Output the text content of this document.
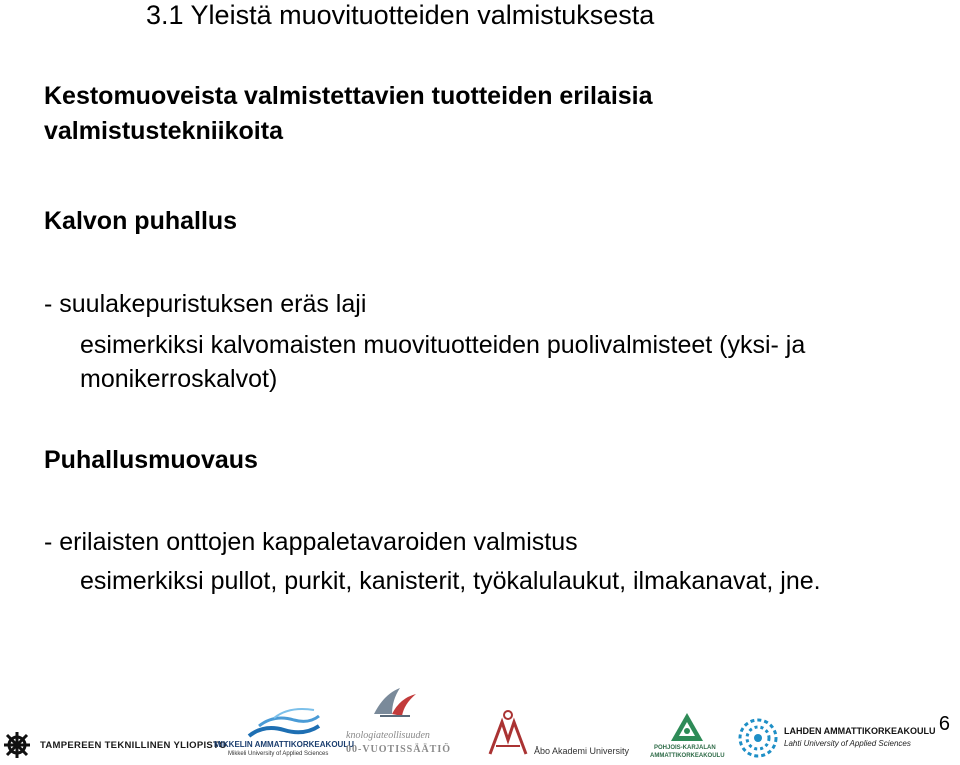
3.1 Yleistä muovituotteiden valmistuksesta
Kestomuoveista valmistettavien tuotteiden erilaisia
valmistustekniikoita
Kalvon puhallus
- suulakepuristuksen eräs laji
esimerkiksi kalvomaisten muovituotteiden puolivalmisteet (yksi- ja
monikerroskalvot)
Puhallusmuovaus
- erilaisten onttojen kappaletavaroiden valmistus
esimerkiksi pullot, purkit, kanisterit, työkalulaukut, ilmakanavat, jne.
6
TAMPEREEN TEKNILLINEN YLIOPISTO
MIKKELIN AMMATTIKORKEAKOULU
Mikkeli University of Applied Sciences
knologiateollisuuden
00-VUOTISSÄÄTIÖ	Åbo Akademi University	POHJOIS-KARJALAN
AMMATTIKORKEAKOULU
LAHDEN AMMATTIKORKEAKOULU
Lahti University of Applied Sciences
